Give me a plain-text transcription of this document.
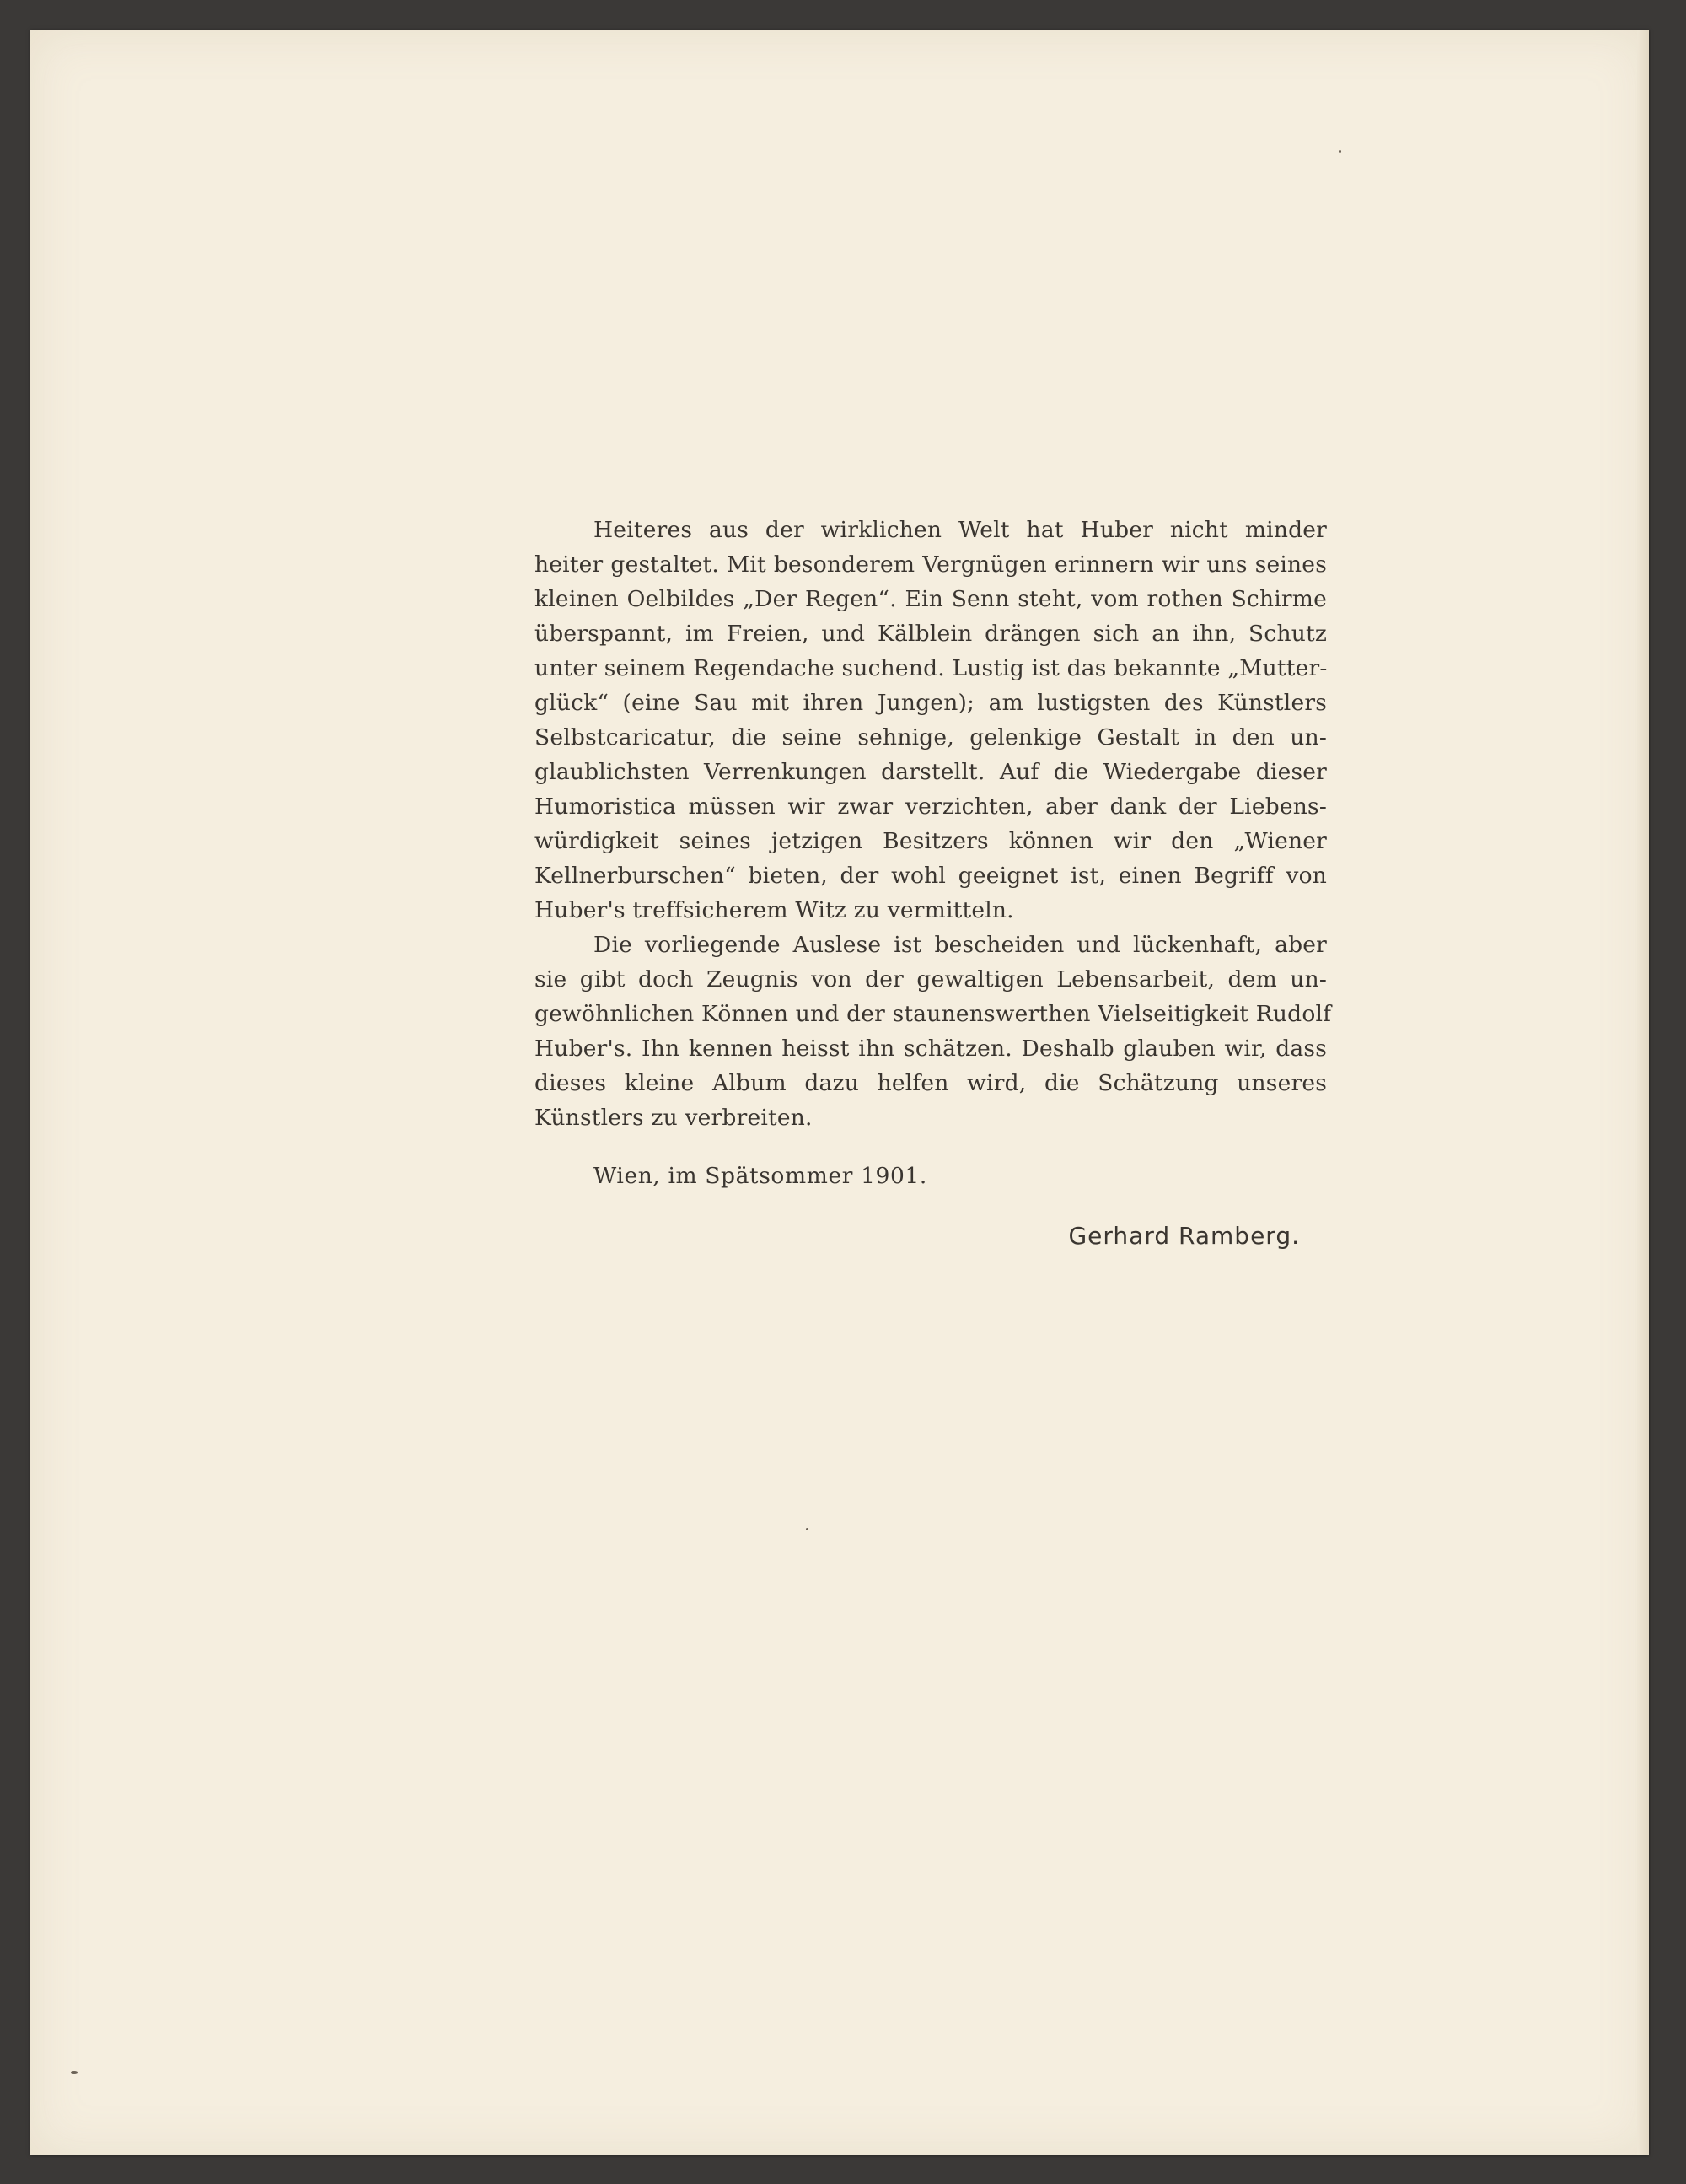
Heiteres aus der wirklichen Welt hat Huber nicht minder
heiter gestaltet. Mit besonderem Vergnügen erinnern wir uns seines
kleinen Oelbildes „Der Regen“. Ein Senn steht, vom rothen Schirme
überspannt, im Freien, und Kälblein drängen sich an ihn, Schutz
unter seinem Regendache suchend. Lustig ist das bekannte „Mutter-
glück“ (eine Sau mit ihren Jungen); am lustigsten des Künstlers
Selbstcaricatur, die seine sehnige, gelenkige Gestalt in den un-
glaublichsten Verrenkungen darstellt. Auf die Wiedergabe dieser
Humoristica müssen wir zwar verzichten, aber dank der Liebens-
würdigkeit seines jetzigen Besitzers können wir den „Wiener
Kellnerburschen“ bieten, der wohl geeignet ist, einen Begriff von
Huber's treffsicherem Witz zu vermitteln.
Die vorliegende Auslese ist bescheiden und lückenhaft, aber
sie gibt doch Zeugnis von der gewaltigen Lebensarbeit, dem un-
gewöhnlichen Können und der staunenswerthen Vielseitigkeit Rudolf
Huber's. Ihn kennen heisst ihn schätzen. Deshalb glauben wir, dass
dieses kleine Album dazu helfen wird, die Schätzung unseres
Künstlers zu verbreiten.
Wien, im Spätsommer 1901.
Gerhard Ramberg.
